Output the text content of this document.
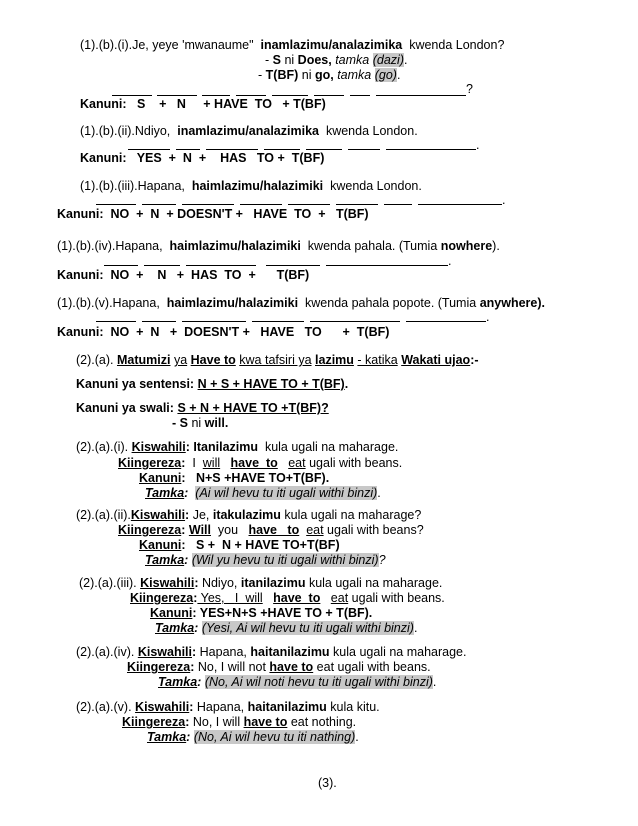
(1).(b).(i).Je, yeye 'mwanaume" inamlazimu/analazimika kwenda London?
- S ni Does, tamka (dazi).
- T(BF) ni go, tamka (go).
?
Kanuni:   S    +   N     + HAVE  TO   + T(BF)
(1).(b).(ii).Ndiyo, inamlazimu/analazimika kwenda London.
.
Kanuni:   YES  +  N  +    HAS   TO +  T(BF)
(1).(b).(iii).Hapana, haimlazimu/halazimiki kwenda London.
.
Kanuni:  NO  +  N  + DOESN'T +   HAVE  TO  +   T(BF)
(1).(b).(iv).Hapana, haimlazimu/halazimiki kwenda pahala. (Tumia nowhere).
.
Kanuni:  NO  +    N   +  HAS  TO  +      T(BF)
(1).(b).(v).Hapana, haimlazimu/halazimiki kwenda pahala popote. (Tumia anywhere).
.
Kanuni:  NO  +  N   +  DOESN'T +   HAVE   TO      +  T(BF)
(2).(a). Matumizi ya Have to kwa tafsiri ya lazimu - katika Wakati ujao:-
Kanuni ya sentensi: N + S + HAVE TO + T(BF).
Kanuni ya swali: S + N + HAVE TO +T(BF)?
- S ni will.
(2).(a).(i). Kiswahili: Itanilazimu  kula ugali na maharage.
Kiingereza:  I  will have  to eat ugali with beans.
Kanuni:   N+S +HAVE TO+T(BF).
Tamka: (Ai wil hevu tu iti ugali withi binzi).
(2).(a).(ii).Kiswahili: Je, itakulazimu kula ugali na maharage?
Kiingereza: Will  you   have   to eat ugali with beans?
Kanuni:   S +  N + HAVE TO+T(BF)
Tamka: (Wil yu hevu tu iti ugali withi binzi)?
(2).(a).(iii). Kiswahili: Ndiyo, itanilazimu kula ugali na maharage.
Kiingereza: Yes,   I  will have  to eat ugali with beans.
Kanuni: YES+N+S +HAVE TO + T(BF).
Tamka: (Yesi, Ai wil hevu tu iti ugali withi binzi).
(2).(a).(iv). Kiswahili: Hapana, haitanilazimu kula ugali na maharage.
Kiingereza: No, I will not have to eat ugali with beans.
Tamka: (No, Ai wil noti hevu tu iti ugali withi binzi).
(2).(a).(v). Kiswahili: Hapana, haitanilazimu kula kitu.
Kiingereza: No, I will have to eat nothing.
Tamka: (No, Ai wil hevu tu iti nathing).
(3).
